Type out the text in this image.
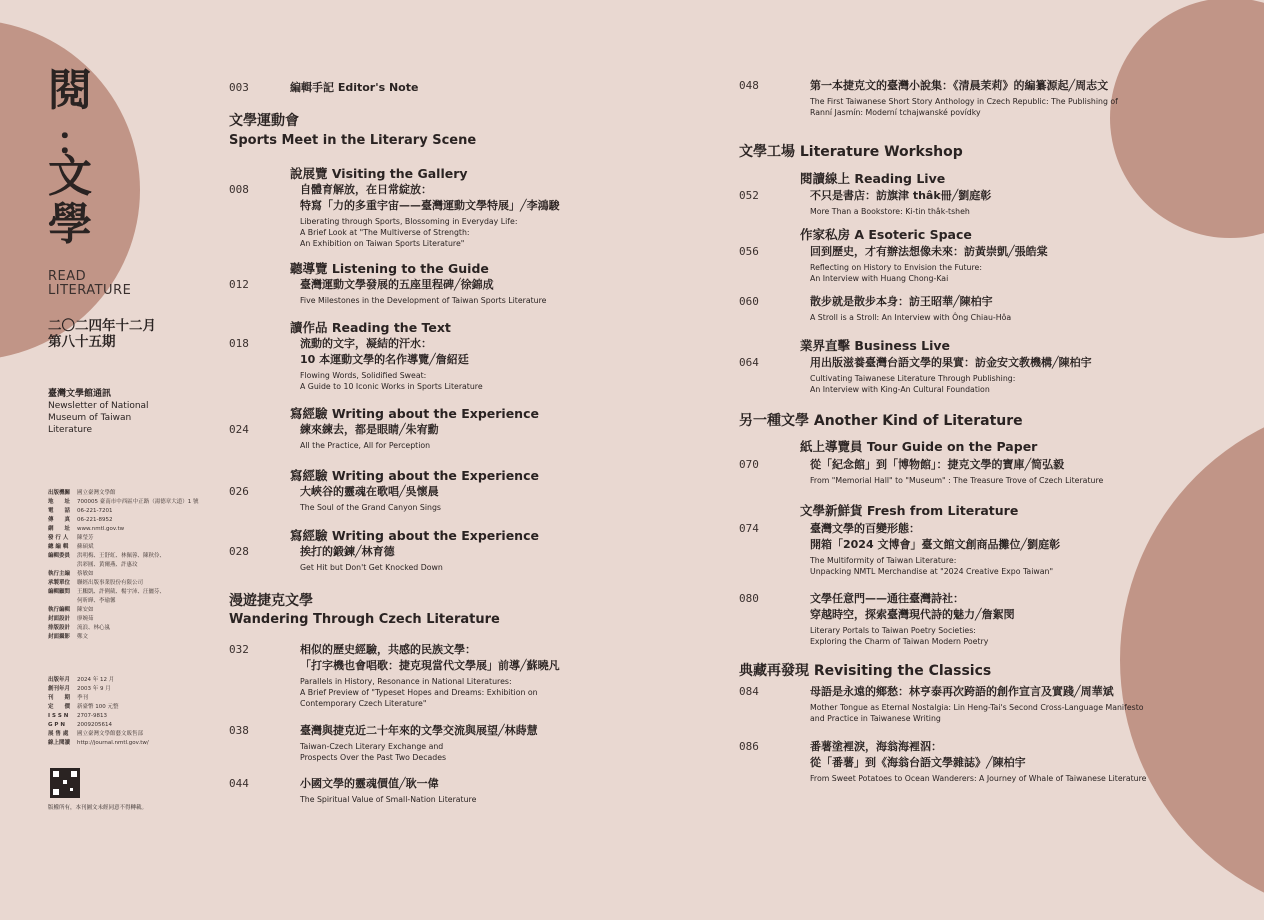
閱
：
文
學
READ LITERATURE
二〇二四年十二月
第八十五期
臺灣文學館通訊
Newsletter of National Museum of Taiwan Literature
出版機關	國立臺灣文學館
地　　址	700005 臺南市中西區中正路（湯德章大道）1 號
電　　話	06-221-7201
傳　　真	06-221-8952
網　　址	www.nmtl.gov.tw
發 行 人	陳瑩芳
總 編 輯	蘇碩斌
編輯委員	洪明梅、王舒虹、林佩蓉、陳秋伶、
洪彩圓、黃爾燕、許惠玟
執行主編	蔡敏如
承製單位	聯經出版事業股份有限公司
編輯顧問	王鵬凱、許俐葳、楊宇沛、汪儷芬、
何昕曄、李瑜馨
執行編輯	陳安如
封面設計	廖婉茹
排版設計	流浪、林心嵐
封面攝影	鄭文
出版年月	2024 年 12 月
創刊年月	2003 年 9 月
刊　　期	季刊
定　　價	新臺幣 100 元整
I S S N	2707-9813
G P N	2009205614
展 售 處	國立臺灣文學館藝文販售部
線上閱讀	http://journal.nmtl.gov.tw/
版權所有，本刊圖文未經同意不得轉載。
003	編輯手記 Editor's Note
文學運動會
Sports Meet in the Literary Scene
說展覽 Visiting the Gallery
008	自體育解放，在日常綻放：
特寫「力的多重宇宙——臺灣運動文學特展」╱李鴻駿
Liberating through Sports, Blossoming in Everyday Life:
A Brief Look at "The Multiverse of Strength:
An Exhibition on Taiwan Sports Literature"
聽導覽 Listening to the Guide
012	臺灣運動文學發展的五座里程碑╱徐錦成
Five Milestones in the Development of Taiwan Sports Literature
讀作品 Reading the Text
018	流動的文字，凝結的汗水：
10 本運動文學的名作導覽╱詹紹廷
Flowing Words, Solidified Sweat:
A Guide to 10 Iconic Works in Sports Literature
寫經驗 Writing about the Experience
024	練來練去，都是眼睛╱朱宥勳
All the Practice, All for Perception
寫經驗 Writing about the Experience
026	大峽谷的靈魂在歌唱╱吳懷晨
The Soul of the Grand Canyon Sings
寫經驗 Writing about the Experience
028	挨打的鍛鍊╱林育德
Get Hit but Don't Get Knocked Down
漫遊捷克文學
Wandering Through Czech Literature
032	相似的歷史經驗，共感的民族文學：
「打字機也會唱歌：捷克現當代文學展」前導╱蘇曉凡
Parallels in History, Resonance in National Literatures:
A Brief Preview of "Typeset Hopes and Dreams: Exhibition on
Contemporary Czech Literature"
038	臺灣與捷克近二十年來的文學交流與展望╱林蒔慧
Taiwan-Czech Literary Exchange and
Prospects Over the Past Two Decades
044	小國文學的靈魂價值╱耿一偉
The Spiritual Value of Small-Nation Literature
048	第一本捷克文的臺灣小說集：《清晨茉莉》的編纂源起╱周志文
The First Taiwanese Short Story Anthology in Czech Republic: The Publishing of
Ranní Jasmín: Moderní tchajwanské povídky
文學工場 Literature Workshop
閱讀線上 Reading Live
052	不只是書店：訪旗津 thâk冊╱劉庭彰
More Than a Bookstore: Ki-tin thâk-tsheh
作家私房 A Esoteric Space
056	回到歷史，才有辦法想像未來：訪黃崇凱╱張皓棠
Reflecting on History to Envision the Future:
An Interview with Huang Chong-Kai
060	散步就是散步本身：訪王昭華╱陳柏宇
A Stroll is a Stroll: An Interview with Ông Chiau-Hôa
業界直擊 Business Live
064	用出版滋養臺灣台語文學的果實：訪金安文教機構╱陳柏宇
Cultivating Taiwanese Literature Through Publishing:
An Interview with King-An Cultural Foundation
另一種文學 Another Kind of Literature
紙上導覽員 Tour Guide on the Paper
070	從「紀念館」到「博物館」：捷克文學的寶庫╱简弘毅
From "Memorial Hall" to "Museum" : The Treasure Trove of Czech Literature
文學新鮮貨 Fresh from Literature
074	臺灣文學的百變形態：
開箱「2024 文博會」臺文館文創商品攤位╱劉庭彰
The Multiformity of Taiwan Literature:
Unpacking NMTL Merchandise at "2024 Creative Expo Taiwan"
080	文學任意門——通往臺灣詩社：
穿越時空，探索臺灣現代詩的魅力╱詹絮閔
Literary Portals to Taiwan Poetry Societies:
Exploring the Charm of Taiwan Modern Poetry
典藏再發現 Revisiting the Classics
084	母語是永遠的鄉愁：林亨泰再次跨語的創作宣言及實踐╱周華斌
Mother Tongue as Eternal Nostalgia: Lin Heng-Tai's Second Cross-Language Manifesto
and Practice in Taiwanese Writing
086	番薯塗裡淚，海翁海裡泅：
從「番薯」到《海翁台語文學雜誌》╱陳柏宇
From Sweet Potatoes to Ocean Wanderers: A Journey of Whale of Taiwanese Literature
